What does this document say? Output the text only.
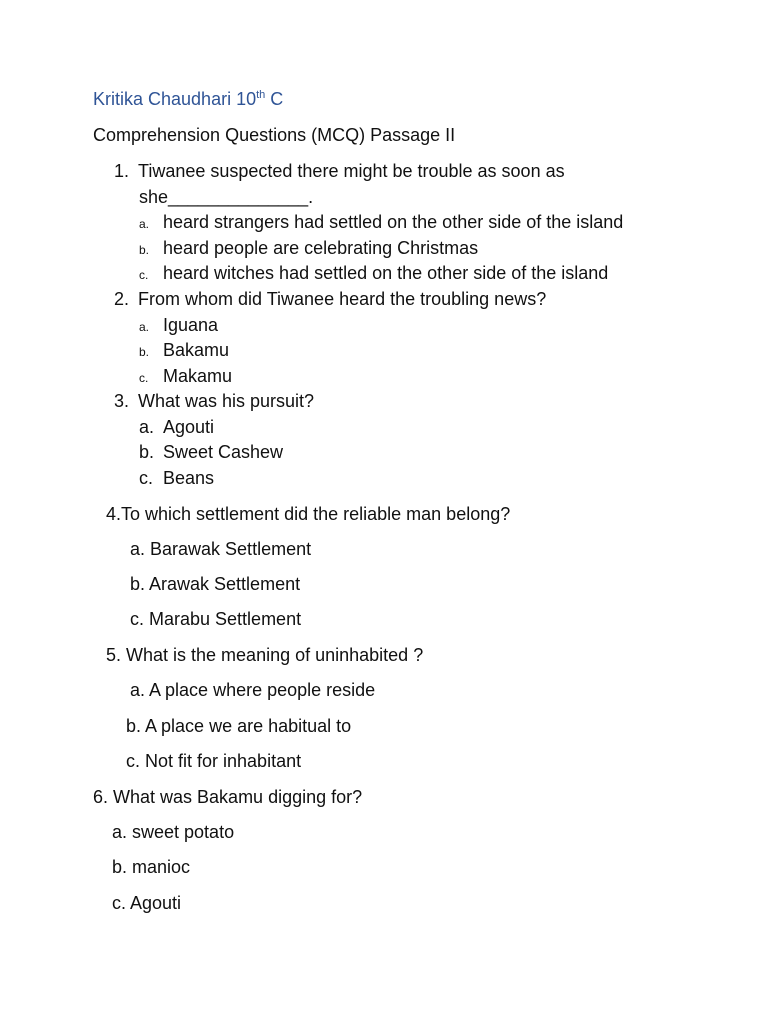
Kritika Chaudhari 10th C
Comprehension Questions (MCQ) Passage II
1. Tiwanee suspected there might be trouble as soon as
she______________.
a. heard strangers had settled on the other side of the island
b. heard people are celebrating Christmas
c. heard witches had settled on the other side of the island
2. From whom did Tiwanee heard the troubling news?
a. Iguana
b. Bakamu
c. Makamu
3. What was his pursuit?
a. Agouti
b. Sweet Cashew
c. Beans
4.To which settlement did the reliable man belong?
a. Barawak Settlement
b. Arawak Settlement
c. Marabu Settlement
5. What is the meaning of uninhabited ?
a. A place where people reside
b. A place we are habitual to
c. Not fit for inhabitant
6. What was Bakamu digging for?
a. sweet potato
b. manioc
c. Agouti
